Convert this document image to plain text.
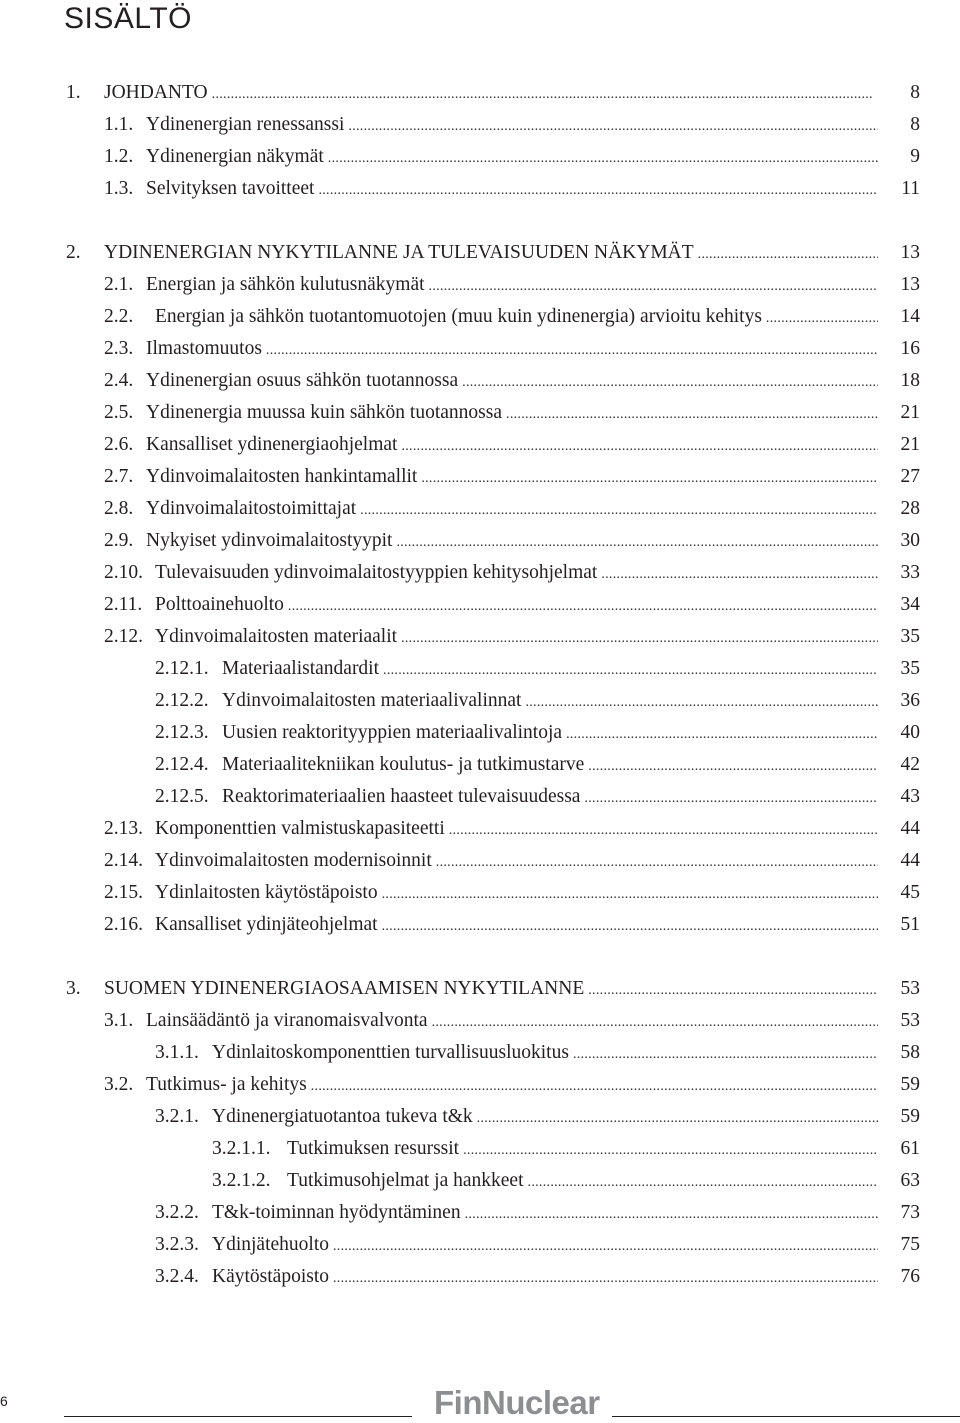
SISÄLTÖ
1. JOHDANTO . . .	8
1.1. Ydinenergian renessanssi . . .	8
1.2. Ydinenergian näkymät . . .	9
1.3. Selvityksen tavoitteet . . .	11
2. YDINENERGIAN NYKYTILANNE JA TULEVAISUUDEN NÄKYMÄT . . .	13
2.1. Energian ja sähkön kulutusnäkymät . . .	13
2.2. Energian ja sähkön tuotantomuotojen (muu kuin ydinenergia) arvioitu kehitys . . .	14
2.3. Ilmastomuutos . . .	16
2.4. Ydinenergian osuus sähkön tuotannossa . . .	18
2.5. Ydinenergia muussa kuin sähkön tuotannossa . . .	21
2.6. Kansalliset ydinenergiaohjelmat . . .	21
2.7. Ydinvoimalaitosten hankintamallit . . .	27
2.8. Ydinvoimalaitostoimittajat . . .	28
2.9. Nykyiset ydinvoimalaitostyypit . . .	30
2.10. Tulevaisuuden ydinvoimalaitostyyppien kehitysohjelmat . . .	33
2.11. Polttoainehuolto . . .	34
2.12. Ydinvoimalaitosten materiaalit . . .	35
2.12.1. Materiaalistandardit . . .	35
2.12.2. Ydinvoimalaitosten materiaalivalinnat . . .	36
2.12.3. Uusien reaktorityyppien materiaalivalintoja . . .	40
2.12.4. Materiaalitekniikan koulutus- ja tutkimustarve . . .	42
2.12.5. Reaktorimateriaalien haasteet tulevaisuudessa . . .	43
2.13. Komponenttien valmistuskapasiteetti . . .	44
2.14. Ydinvoimalaitosten modernisoinnit . . .	44
2.15. Ydinlaitosten käytöstäpoisto . . .	45
2.16. Kansalliset ydinjäteohjelmat . . .	51
3. SUOMEN YDINENERGIAOSAAMISEN NYKYTILANNE . . .	53
3.1. Lainsäädäntö ja viranomaisvalvonta . . .	53
3.1.1. Ydinlaitoskomponenttien turvallisuusluokitus . . .	58
3.2. Tutkimus- ja kehitys . . .	59
3.2.1. Ydinenergiatuotantoa tukeva t&k . . .	59
3.2.1.1. Tutkimuksen resurssit . . .	61
3.2.1.2. Tutkimusohjelmat ja hankkeet . . .	63
3.2.2. T&k-toiminnan hyödyntäminen . . .	73
3.2.3. Ydinjätehuolto . . .	75
3.2.4. Käytöstäpoisto . . .	76
6	FinNuclear
